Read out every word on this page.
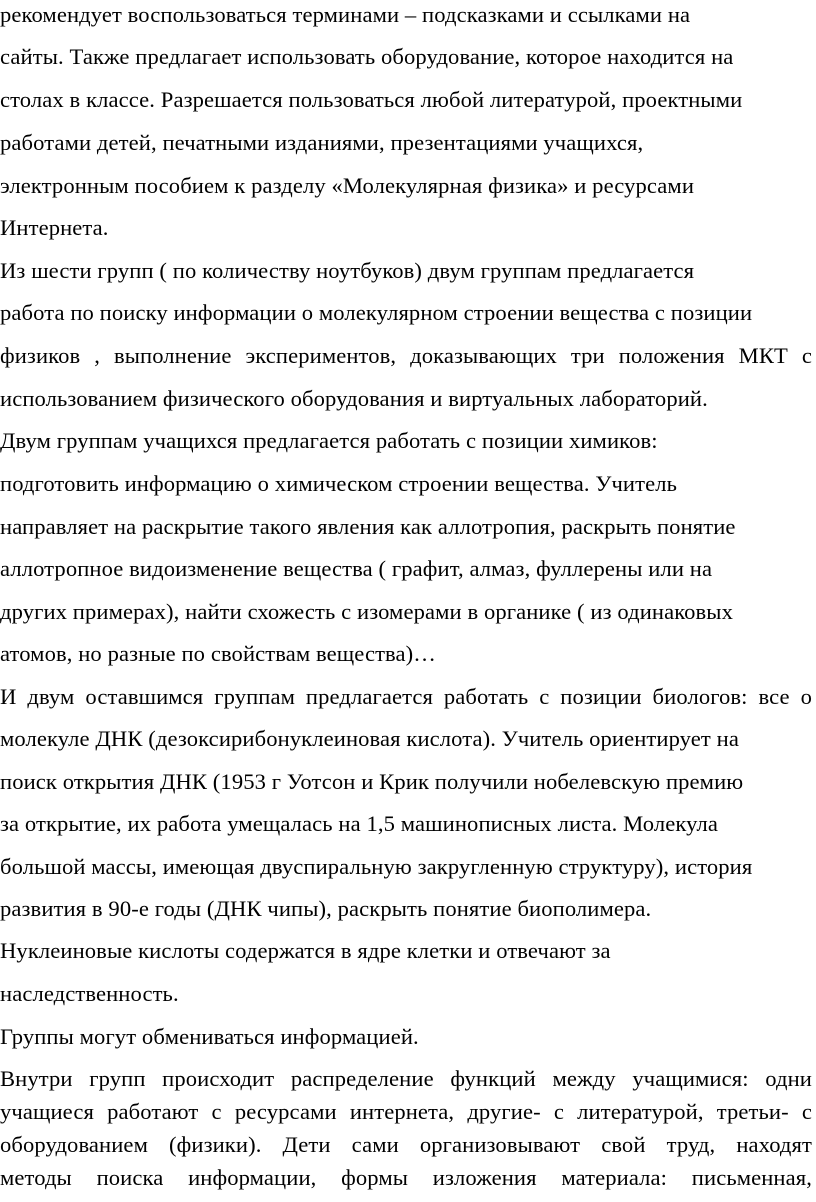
рекомендует воспользоваться терминами – подсказками и ссылками на
сайты. Также предлагает использовать оборудование, которое находится на
столах в классе. Разрешается пользоваться любой литературой, проектными
работами детей, печатными изданиями, презентациями учащихся,
электронным пособием к разделу «Молекулярная физика» и ресурсами
Интернета.
Из шести групп ( по количеству ноутбуков) двум группам предлагается
работа по поиску информации о молекулярном строении вещества с позиции
физиков , выполнение экспериментов, доказывающих три положения МКТ с
использованием физического оборудования и виртуальных лабораторий.
Двум группам учащихся предлагается работать с позиции химиков:
подготовить информацию о химическом строении вещества. Учитель
направляет на раскрытие такого явления как аллотропия, раскрыть понятие
аллотропное видоизменение вещества ( графит, алмаз, фуллерены или на
других примерах), найти схожесть с изомерами в органике ( из одинаковых
атомов, но разные по свойствам вещества)…
И двум оставшимся группам предлагается работать с позиции биологов: все о
молекуле ДНК (дезоксирибонуклеиновая кислота). Учитель ориентирует на
поиск открытия ДНК (1953 г Уотсон и Крик получили нобелевскую премию
за открытие, их работа умещалась на 1,5 машинописных листа. Молекула
большой массы, имеющая двуспиральную закругленную структуру), история
развития в 90-е годы (ДНК чипы), раскрыть понятие биополимера.
Нуклеиновые кислоты содержатся в ядре клетки и отвечают за
наследственность.
Группы могут обмениваться информацией.
Внутри групп происходит распределение функций между учащимися: одни
учащиеся работают с ресурсами интернета, другие- с литературой, третьи- с
оборудованием (физики). Дети сами организовывают свой труд, находят
методы поиска информации, формы изложения материала: письменная,
